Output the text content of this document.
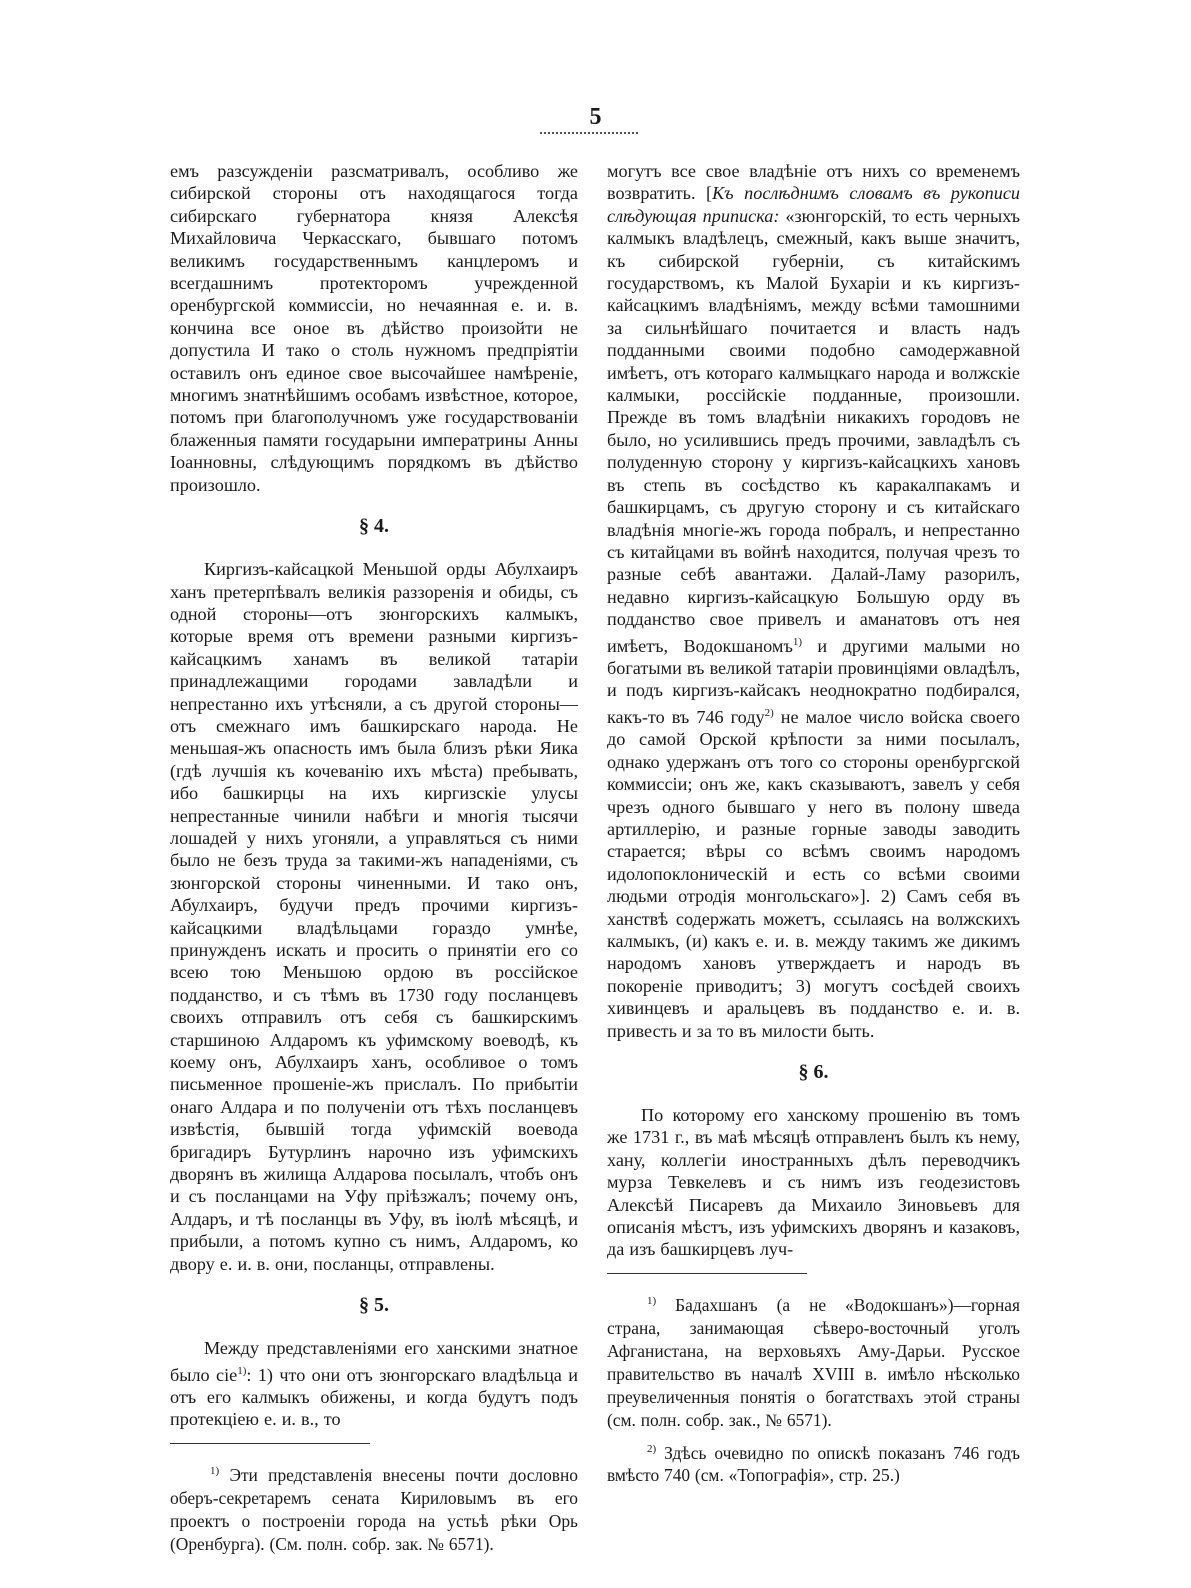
5

емъ разсужденіи разсматривалъ, особливо же сибирской стороны отъ находящагося тогда сибирскаго губернатора князя Алексѣя Михайловича Черкасскаго, бывшаго потомъ великимъ государственнымъ канцлеромъ и всегдашнимъ протекторомъ учрежденной оренбургской коммиссіи, но нечаянная е. и. в. кончина все оное въ дѣйство произойти не допустила И тако о столь нужномъ предпріятіи оставилъ онъ единое свое высочайшее намѣреніе, многимъ знатнѣйшимъ особамъ извѣстное, которое, потомъ при благополучномъ уже государствованіи блаженныя памяти государыни императрины Анны Іоанновны, слѣдующимъ порядкомъ въ дѣйство произошло.

§ 4.

Киргизъ-кайсацкой Меньшой орды Абулхаиръ ханъ претерпѣвалъ великія раззоренія и обиды, съ одной стороны—отъ зюнгорскихъ калмыкъ, которые время отъ времени разными киргизъ-кайсацкимъ ханамъ въ великой татаріи принадлежащими городами завладѣли и непрестанно ихъ утѣсняли, а съ другой стороны—отъ смежнаго имъ башкирскаго народа. Не меньшая-жъ опасность имъ была близъ рѣки Яика (гдѣ лучшія къ кочеванію ихъ мѣста) пребывать, ибо башкирцы на ихъ киргизскіе улусы непрестанные чинили набѣги и многія тысячи лошадей у нихъ угоняли, а управляться съ ними было не безъ труда за такими-жъ нападеніями, съ зюнгорской стороны чиненными. И тако онъ, Абулхаиръ, будучи предъ прочими киргизъ-кайсацкими владѣльцами гораздо умнѣе, принужденъ искать и просить о принятіи его со всею тою Меньшою ордою въ россійское подданство, и съ тѣмъ въ 1730 году посланцевъ своихъ отправилъ отъ себя съ башкирскимъ старшиною Алдаромъ къ уфимскому воеводѣ, къ коему онъ, Абулхаиръ ханъ, особливое о томъ письменное прошеніе-жъ прислалъ. По прибытіи онаго Алдара и по полученіи отъ тѣхъ посланцевъ извѣстія, бывшій тогда уфимскій воевода бригадиръ Бутурлинъ нарочно изъ уфимскихъ дворянъ въ жилища Алдарова посылалъ, чтобъ онъ и съ посланцами на Уфу пріѣзжалъ; почему онъ, Алдаръ, и тѣ посланцы въ Уфу, въ іюлѣ мѣсяцѣ, и прибыли, а потомъ купно съ нимъ, Алдаромъ, ко двору е. и. в. они, посланцы, отправлены.

§ 5.

Между представленіями его ханскими знатное было сіе$^{1)}$: 1) что они отъ зюнгорскаго владѣльца и отъ его калмыкъ обижены, и когда будутъ подъ протекціею е. и. в., то

$^{1)}$ Эти представленія внесены почти дословно оберъ-секретаремъ сената Кириловымъ въ его проектъ о построеніи города на устьѣ рѣки Орь (Оренбурга). (См. полн. собр. зак. № 6571).

могутъ все свое владѣніе отъ нихъ со временемъ возвратить. [Къ послѣднимъ словамъ въ рукописи слѣдующая приписка: «зюнгорскій, то есть черныхъ калмыкъ владѣлецъ, смежный, какъ выше значитъ, къ сибирской губерніи, съ китайскимъ государствомъ, къ Малой Бухаріи и къ киргизъ-кайсацкимъ владѣніямъ, между всѣми тамошними за сильнѣйшаго почитается и власть надъ подданными своими подобно самодержавной имѣетъ, отъ котораго калмыцкаго народа и волжскіе калмыки, россійскіе подданные, произошли. Прежде въ томъ владѣніи никакихъ городовъ не было, но усилившись предъ прочими, завладѣлъ съ полуденную сторону у киргизъ-кайсацкихъ хановъ въ степь въ сосѣдство къ каракалпакамъ и башкирцамъ, съ другую сторону и съ китайскаго владѣнія многіе-жъ города побралъ, и непрестанно съ китайцами въ войнѣ находится, получая чрезъ то разные себѣ авантажи. Далай-Ламу разорилъ, недавно киргизъ-кайсацкую Большую орду въ подданство свое привелъ и аманатовъ отъ нея имѣетъ, Водокшаномъ$^{1)}$ и другими малыми но богатыми въ великой татаріи провинціями овладѣлъ, и подъ киргизъ-кайсакъ неоднократно подбирался, какъ-то въ 746 году$^{2)}$ не малое число войска своего до самой Орской крѣпости за ними посылалъ, однако удержанъ отъ того со стороны оренбургской коммиссіи; онъ же, какъ сказываютъ, завелъ у себя чрезъ одного бывшаго у него въ полону шведа артиллерію, и разные горные заводы заводить старается; вѣры со всѣмъ своимъ народомъ идолопоклоническій и есть со всѣми своими людьми отродія монгольскаго»]. 2) Самъ себя въ ханствѣ содержать можетъ, ссылаясь на волжскихъ калмыкъ, (и) какъ е. и. в. между такимъ же дикимъ народомъ хановъ утверждаетъ и народъ въ покореніе приводитъ; 3) могутъ сосѣдей своихъ хивинцевъ и аральцевъ въ подданство е. и. в. привесть и за то въ милости быть.

§ 6.

По которому его ханскому прошенію въ томъ же 1731 г., въ маѣ мѣсяцѣ отправленъ былъ къ нему, хану, коллегіи иностранныхъ дѣлъ переводчикъ мурза Тевкелевъ и съ нимъ изъ геодезистовъ Алексѣй Писаревъ да Михаило Зиновьевъ для описанія мѣстъ, изъ уфимскихъ дворянъ и казаковъ, да изъ башкирцевъ луч-

$^{1)}$ Бадахшанъ (а не «Водокшанъ»)—горная страна, занимающая сѣверо-восточный уголъ Афганистана, на верховьяхъ Аму-Дарьи. Русское правительство въ началѣ XVIII в. имѣло нѣсколько преувеличенныя понятія о богатствахъ этой страны (см. полн. собр. зак., № 6571).

$^{2)}$ Здѣсь очевидно по опискѣ показанъ 746 годъ вмѣсто 740 (см. «Топографія», стр. 25.)
